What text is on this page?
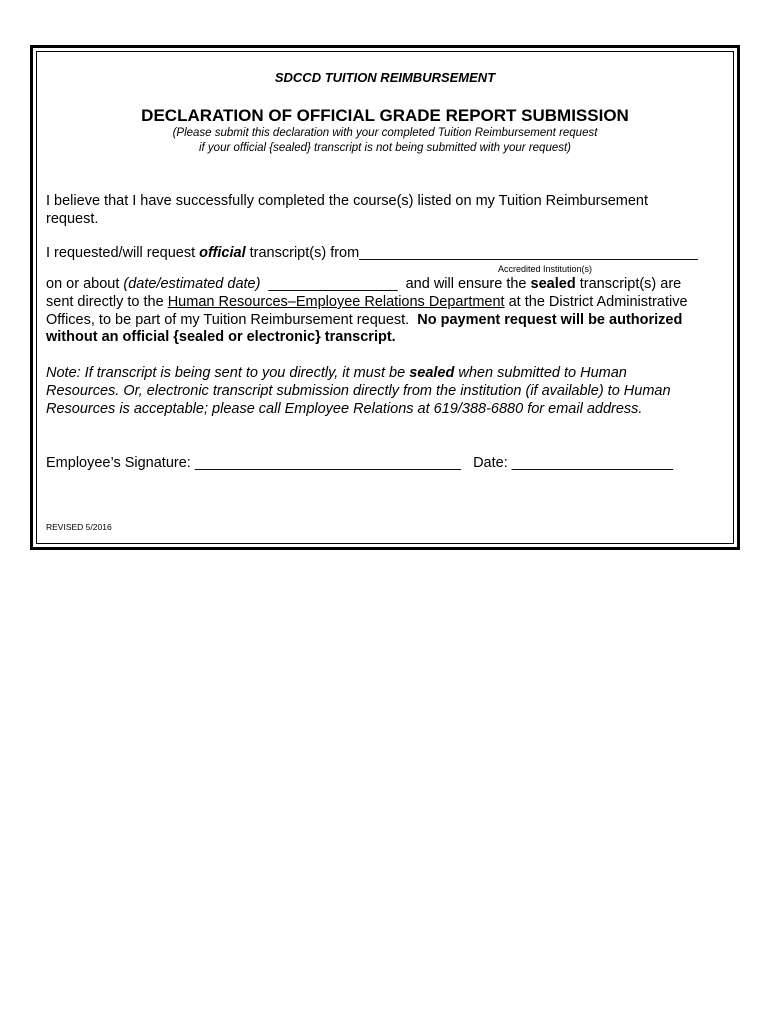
SDCCD TUITION REIMBURSEMENT
DECLARATION OF OFFICIAL GRADE REPORT SUBMISSION
(Please submit this declaration with your completed Tuition Reimbursement request
if your official {sealed} transcript is not being submitted with your request)
I believe that I have successfully completed the course(s) listed on my Tuition Reimbursement
request.
I requested/will request official transcript(s) from__________________________________________
Accredited Institution(s)
on or about (date/estimated date)  ________________  and will ensure the sealed transcript(s) are
sent directly to the Human Resources–Employee Relations Department at the District Administrative
Offices, to be part of my Tuition Reimbursement request.  No payment request will be authorized
without an official {sealed or electronic} transcript.
Note: If transcript is being sent to you directly, it must be sealed when submitted to Human
Resources. Or, electronic transcript submission directly from the institution (if available) to Human
Resources is acceptable; please call Employee Relations at 619/388-6880 for email address.
Employee’s Signature: _________________________________   Date: ____________________
REVISED 5/2016
